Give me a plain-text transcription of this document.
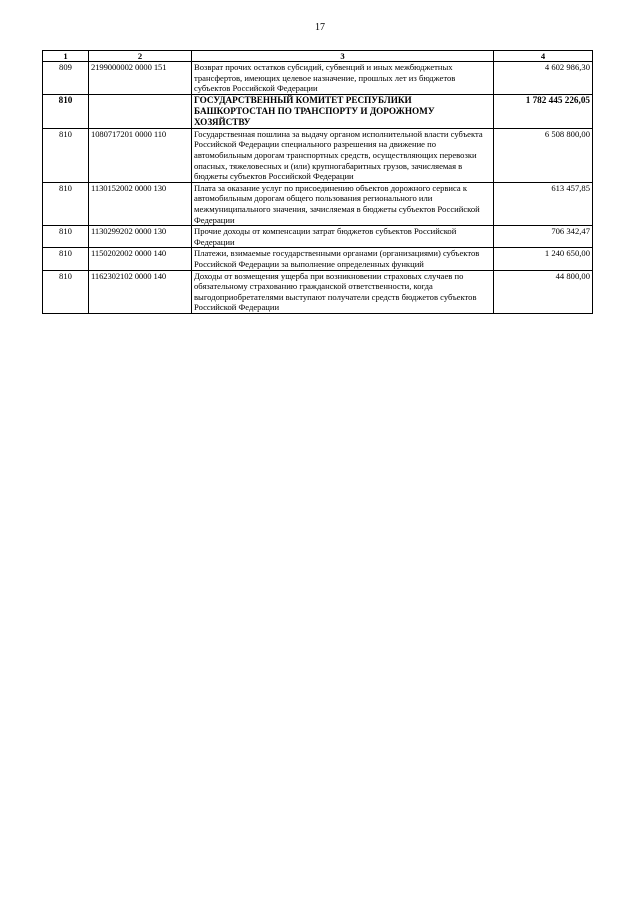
17
1	2	3	4
809	2199000002 0000 151	Возврат прочих остатков субсидий, субвенций и иных межбюджетных трансфертов, имеющих целевое назначение, прошлых лет из бюджетов субъектов Российской Федерации	4 602 986,30
810		ГОСУДАРСТВЕННЫЙ КОМИТЕТ РЕСПУБЛИКИ БАШКОРТОСТАН ПО ТРАНСПОРТУ И ДОРОЖНОМУ ХОЗЯЙСТВУ	1 782 445 226,05
810	1080717201 0000 110	Государственная пошлина за выдачу органом исполнительной власти субъекта Российской Федерации специального разрешения на движение по автомобильным дорогам транспортных средств, осуществляющих перевозки опасных, тяжеловесных и (или) крупногабаритных грузов, зачисляемая в бюджеты субъектов Российской Федерации	6 508 800,00
810	1130152002 0000 130	Плата за оказание услуг по присоединению объектов дорожного сервиса к автомобильным дорогам общего пользования регионального или межмуниципального значения, зачисляемая в бюджеты субъектов Российской Федерации	613 457,85
810	1130299202 0000 130	Прочие доходы от компенсации затрат бюджетов субъектов Российской Федерации	706 342,47
810	1150202002 0000 140	Платежи, взимаемые государственными органами (организациями) субъектов Российской Федерации за выполнение определенных функций	1 240 650,00
810	1162302102 0000 140	Доходы от возмещения ущерба при возникновении страховых случаев по обязательному страхованию гражданской ответственности, когда выгодоприобретателями выступают получатели средств бюджетов субъектов Российской Федерации	44 800,00
